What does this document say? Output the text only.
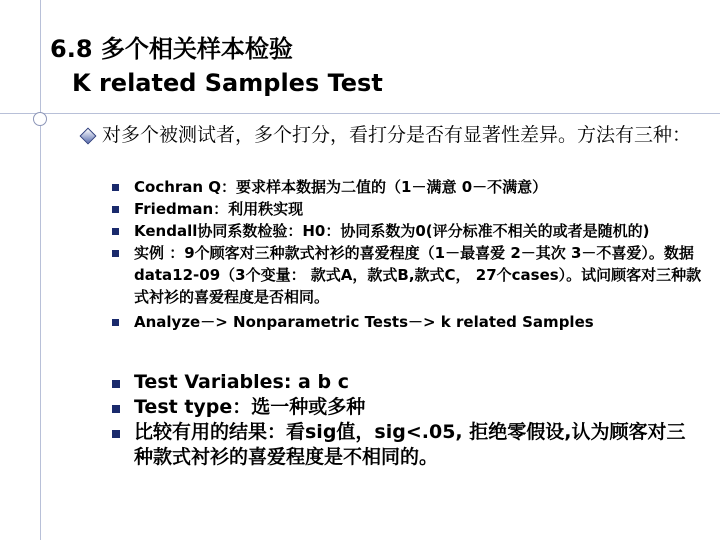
6.8 多个相关样本检验
K related Samples Test
对多个被测试者，多个打分，看打分是否有显著性差异。方法有三种：
Cochran Q：要求样本数据为二值的（1－满意 0－不满意）
Friedman：利用秩实现
Kendall协同系数检验：H0：协同系数为0(评分标准不相关的或者是随机的)
实例 ：9个顾客对三种款式衬衫的喜爱程度（1－最喜爱 2－其次 3－不喜爱）。数据data12-09（3个变量： 款式A，款式B,款式C， 27个cases）。试问顾客对三种款式衬衫的喜爱程度是否相同。
Analyze－> Nonparametric Tests－> k related Samples
Test Variables: a b c
Test type：选一种或多种
比较有用的结果：看sig值，sig<.05, 拒绝零假设,认为顾客对三种款式衬衫的喜爱程度是不相同的。
